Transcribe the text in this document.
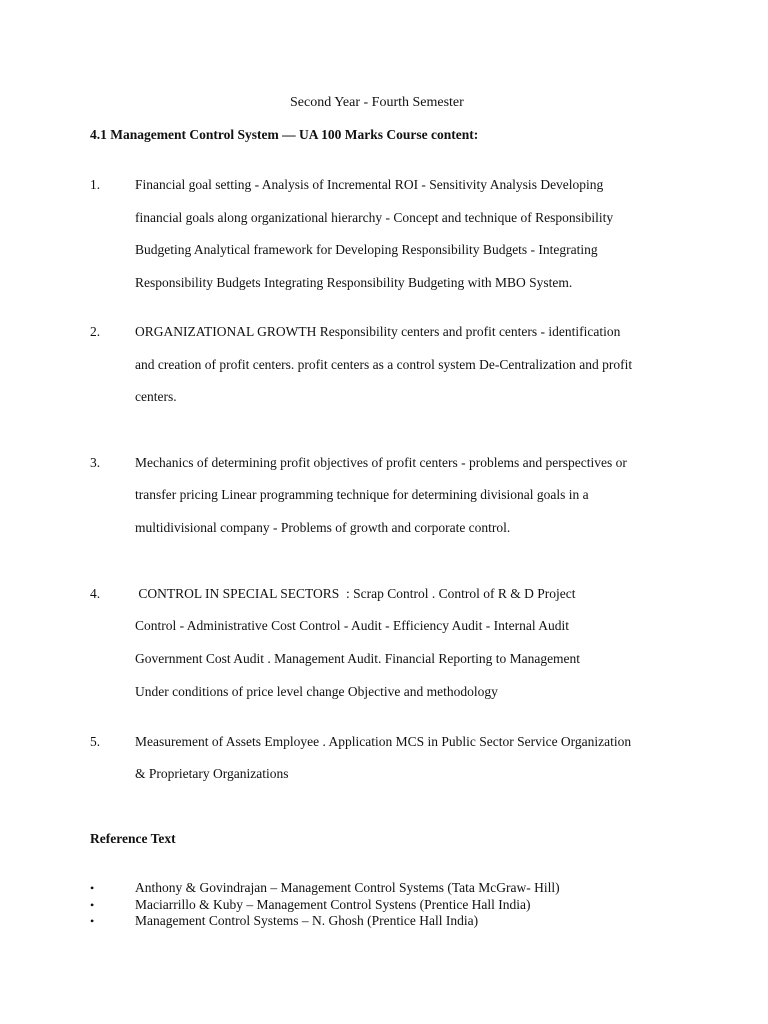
Second Year - Fourth Semester
4.1 Management Control System — UA 100 Marks Course content:
1.	Financial goal setting - Analysis of Incremental ROI - Sensitivity Analysis Developing
financial goals along organizational hierarchy - Concept and technique of Responsibility
Budgeting Analytical framework for Developing Responsibility Budgets - Integrating
Responsibility Budgets Integrating Responsibility Budgeting with MBO System.
2.	ORGANIZATIONAL GROWTH Responsibility centers and profit centers - identification
and creation of profit centers. profit centers as a control system De-Centralization and profit
centers.
3.	Mechanics of determining profit objectives of profit centers - problems and perspectives or
transfer pricing Linear programming technique for determining divisional goals in a
multidivisional company - Problems of growth and corporate control.
4.	CONTROL IN SPECIAL SECTORS  : Scrap Control . Control of R & D Project
Control - Administrative Cost Control - Audit - Efficiency Audit - Internal Audit
Government Cost Audit . Management Audit. Financial Reporting to Management
Under conditions of price level change Objective and methodology
5.	Measurement of Assets Employee . Application MCS in Public Sector Service Organization
& Proprietary Organizations
Reference Text
•	Anthony & Govindrajan – Management Control Systems (Tata McGraw- Hill)
•	Maciarrillo & Kuby – Management Control Systens (Prentice Hall India)
•	Management Control Systems – N. Ghosh (Prentice Hall India)
